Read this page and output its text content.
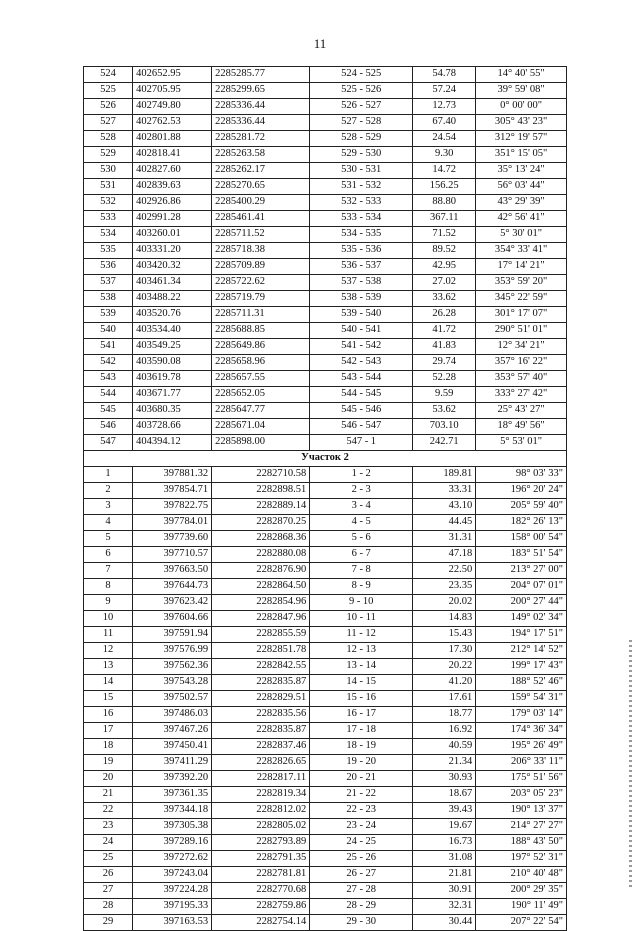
11
524	402652.95	2285285.77	524 - 525	54.78	14° 40' 55"
525	402705.95	2285299.65	525 - 526	57.24	39° 59' 08"
526	402749.80	2285336.44	526 - 527	12.73	0° 00' 00"
527	402762.53	2285336.44	527 - 528	67.40	305° 43' 23"
528	402801.88	2285281.72	528 - 529	24.54	312° 19' 57"
529	402818.41	2285263.58	529 - 530	9.30	351° 15' 05"
530	402827.60	2285262.17	530 - 531	14.72	35° 13' 24"
531	402839.63	2285270.65	531 - 532	156.25	56° 03' 44"
532	402926.86	2285400.29	532 - 533	88.80	43° 29' 39"
533	402991.28	2285461.41	533 - 534	367.11	42° 56' 41"
534	403260.01	2285711.52	534 - 535	71.52	5° 30' 01"
535	403331.20	2285718.38	535 - 536	89.52	354° 33' 41"
536	403420.32	2285709.89	536 - 537	42.95	17° 14' 21"
537	403461.34	2285722.62	537 - 538	27.02	353° 59' 20"
538	403488.22	2285719.79	538 - 539	33.62	345° 22' 59"
539	403520.76	2285711.31	539 - 540	26.28	301° 17' 07"
540	403534.40	2285688.85	540 - 541	41.72	290° 51' 01"
541	403549.25	2285649.86	541 - 542	41.83	12° 34' 21"
542	403590.08	2285658.96	542 - 543	29.74	357° 16' 22"
543	403619.78	2285657.55	543 - 544	52.28	353° 57' 40"
544	403671.77	2285652.05	544 - 545	9.59	333° 27' 42"
545	403680.35	2285647.77	545 - 546	53.62	25° 43' 27"
546	403728.66	2285671.04	546 - 547	703.10	18° 49' 56"
547	404394.12	2285898.00	547 - 1	242.71	5° 53' 01"
Участок 2					
1	397881.32	2282710.58	1 - 2	189.81	98° 03' 33"
2	397854.71	2282898.51	2 - 3	33.31	196° 20' 24"
3	397822.75	2282889.14	3 - 4	43.10	205° 59' 40"
4	397784.01	2282870.25	4 - 5	44.45	182° 26' 13"
5	397739.60	2282868.36	5 - 6	31.31	158° 00' 54"
6	397710.57	2282880.08	6 - 7	47.18	183° 51' 54"
7	397663.50	2282876.90	7 - 8	22.50	213° 27' 00"
8	397644.73	2282864.50	8 - 9	23.35	204° 07' 01"
9	397623.42	2282854.96	9 - 10	20.02	200° 27' 44"
10	397604.66	2282847.96	10 - 11	14.83	149° 02' 34"
11	397591.94	2282855.59	11 - 12	15.43	194° 17' 51"
12	397576.99	2282851.78	12 - 13	17.30	212° 14' 52"
13	397562.36	2282842.55	13 - 14	20.22	199° 17' 43"
14	397543.28	2282835.87	14 - 15	41.20	188° 52' 46"
15	397502.57	2282829.51	15 - 16	17.61	159° 54' 31"
16	397486.03	2282835.56	16 - 17	18.77	179° 03' 14"
17	397467.26	2282835.87	17 - 18	16.92	174° 36' 34"
18	397450.41	2282837.46	18 - 19	40.59	195° 26' 49"
19	397411.29	2282826.65	19 - 20	21.34	206° 33' 11"
20	397392.20	2282817.11	20 - 21	30.93	175° 51' 56"
21	397361.35	2282819.34	21 - 22	18.67	203° 05' 23"
22	397344.18	2282812.02	22 - 23	39.43	190° 13' 37"
23	397305.38	2282805.02	23 - 24	19.67	214° 27' 27"
24	397289.16	2282793.89	24 - 25	16.73	188° 43' 50"
25	397272.62	2282791.35	25 - 26	31.08	197° 52' 31"
26	397243.04	2282781.81	26 - 27	21.81	210° 40' 48"
27	397224.28	2282770.68	27 - 28	30.91	200° 29' 35"
28	397195.33	2282759.86	28 - 29	32.31	190° 11' 49"
29	397163.53	2282754.14	29 - 30	30.44	207° 22' 54"
